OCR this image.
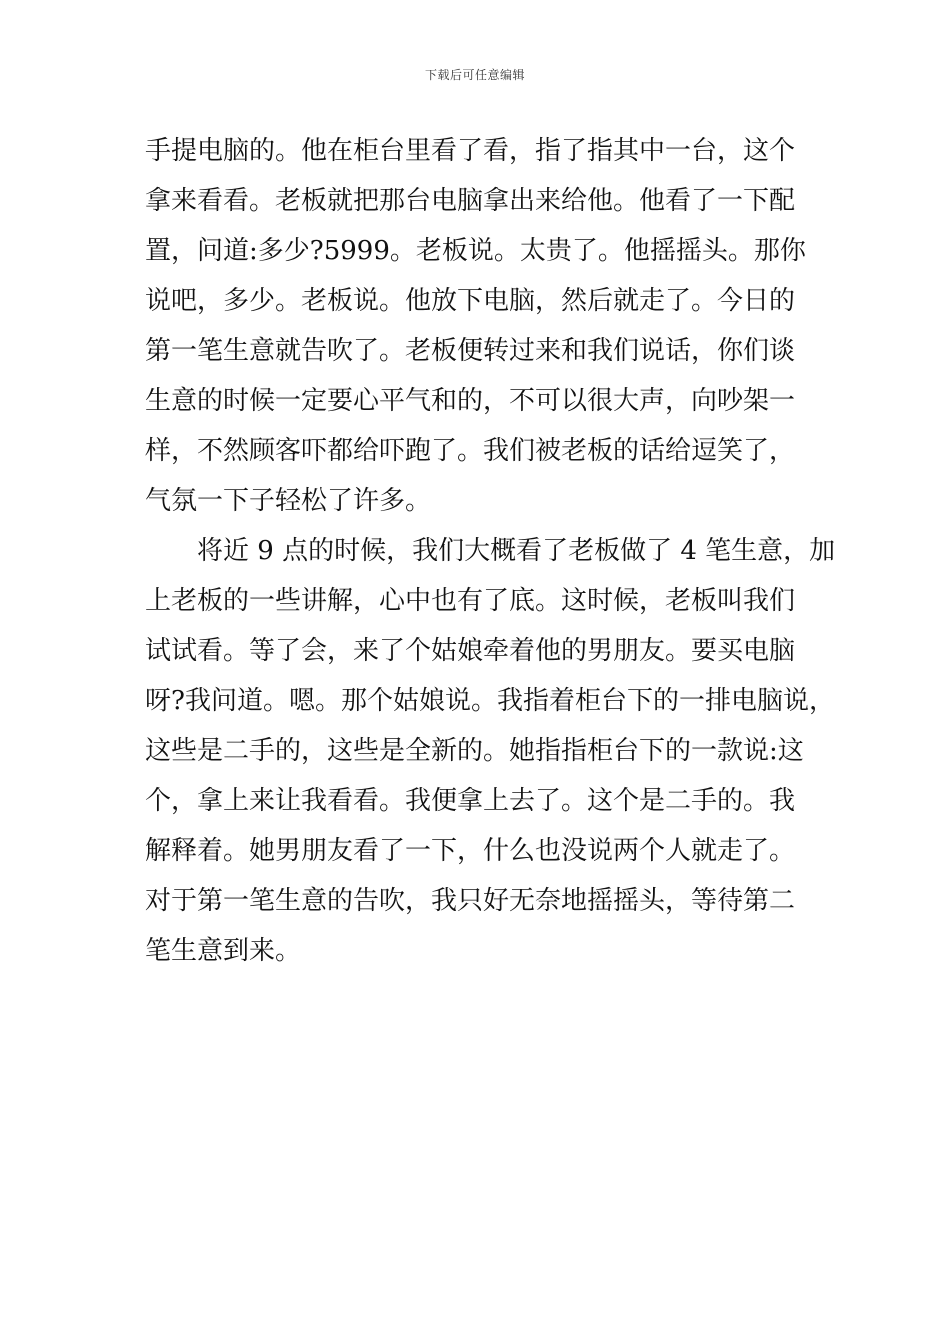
下载后可任意编辑

手提电脑的。他在柜台里看了看，指了指其中一台，这个
拿来看看。老板就把那台电脑拿出来给他。他看了一下配
置，问道:多少?5999。老板说。太贵了。他摇摇头。那你
说吧，多少。老板说。他放下电脑，然后就走了。今日的
第一笔生意就告吹了。老板便转过来和我们说话，你们谈
生意的时候一定要心平气和的，不可以很大声，向吵架一
样，不然顾客吓都给吓跑了。我们被老板的话给逗笑了，
气氛一下子轻松了许多。

将近 9 点的时候，我们大概看了老板做了 4 笔生意，加
上老板的一些讲解，心中也有了底。这时候，老板叫我们
试试看。等了会，来了个姑娘牵着他的男朋友。要买电脑
呀?我问道。嗯。那个姑娘说。我指着柜台下的一排电脑说，
这些是二手的，这些是全新的。她指指柜台下的一款说:这
个，拿上来让我看看。我便拿上去了。这个是二手的。我
解释着。她男朋友看了一下，什么也没说两个人就走了。
对于第一笔生意的告吹，我只好无奈地摇摇头，等待第二
笔生意到来。
